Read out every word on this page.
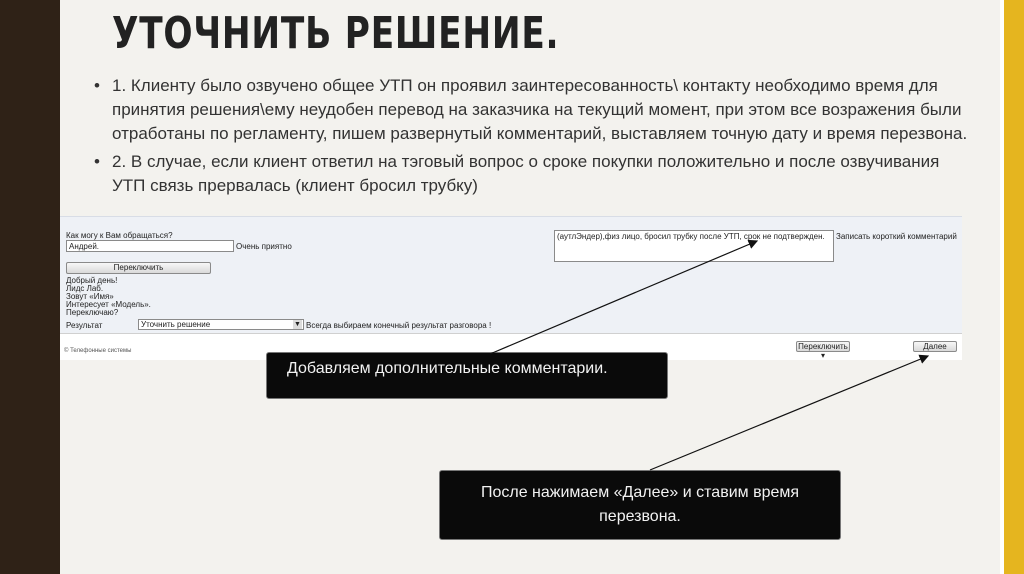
УТОЧНИТЬ РЕШЕНИЕ.
• 1. Клиенту было озвучено общее УТП он проявил заинтересованность\ контакту необходимо время для принятия решения\ему неудобен перевод на заказчика на текущий момент, при этом все возражения были отработаны по регламенту, пишем развернутый комментарий, выставляем точную дату и время перезвона.
• 2. В случае, если клиент ответил на тэговый вопрос о сроке покупки положительно и после озвучивания УТП связь прервалась (клиент бросил трубку)
Как могу к Вам обращаться?
Андрей.	Очень приятно
Переключить
Добрый день!
Лидс Лаб.
Зовут «Имя»
Интересует «Модель».
Переключаю?
Результат	Уточнить решение	▼ Всегда выбираем конечный результат разговора !
(аутлЭндер),физ лицо, бросил трубку после УТП, срок не подтвержден.	Записать короткий комментарий
© Телефонные системы	Переключить ▾
Далее
Добавляем дополнительные комментарии.
После нажимаем «Далее» и ставим время перезвона.
